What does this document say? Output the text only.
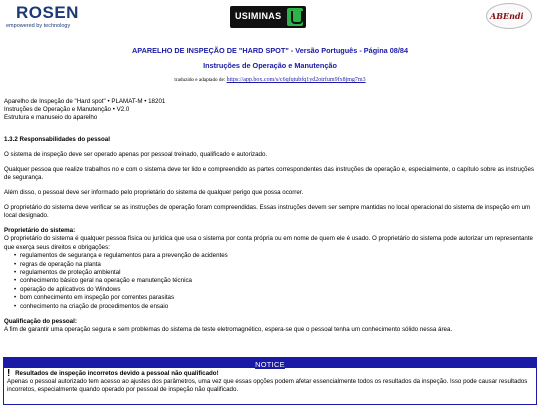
ROSEN
empowered by technology
USIMINAS	ABEndi
APARELHO DE INSPEÇÃO DE "HARD SPOT" - Versão Português - Página 08/84
Instruções de Operação e Manutenção
traduzido e adaptado de: https://app.box.com/s/c6qfqtubfq1yd2otrfum9fx8jmg7m3
Aparelho de Inspeção de "Hard spot" • PLAMAT-M • 18201
Instruções de Operação e Manutenção • V2.0
Estrutura e manuseio do aparelho
1.3.2 Responsabilidades do pessoal
O sistema de inspeção deve ser operado apenas por pessoal treinado, qualificado e autorizado.
Qualquer pessoa que realize trabalhos no e com o sistema deve ter lido e compreendido as partes correspondentes das instruções de operação e, especialmente, o capítulo sobre as instruções de segurança.
Além disso, o pessoal deve ser informado pelo proprietário do sistema de qualquer perigo que possa ocorrer.
O proprietário do sistema deve verificar se as instruções de operação foram compreendidas. Essas instruções devem ser sempre mantidas no local operacional do sistema de inspeção em um local designado.
Proprietário do sistema:
O proprietário do sistema é qualquer pessoa física ou jurídica que usa o sistema por conta própria ou em nome de quem ele é usado. O proprietário do sistema pode autorizar um representante que exerça seus direitos e obrigações:
• regulamentos de segurança e regulamentos para a prevenção de acidentes
• regras de operação na planta
• regulamentos de proteção ambiental
• conhecimento básico geral na operação e manutenção técnica
• operação de aplicativos do Windows
• bom conhecimento em inspeção por correntes parasitas
• conhecimento na criação de procedimentos de ensaio
Qualificação do pessoal:
A fim de garantir uma operação segura e sem problemas do sistema de teste eletromagnético, espera-se que o pessoal tenha um conhecimento sólido nessa área.
NOTICE
! Resultados de inspeção incorretos devido a pessoal não qualificado!
Apenas o pessoal autorizado tem acesso ao ajustes dos parâmetros, uma vez que essas opções podem afetar essencialmente todos os resultados da inspeção. Isso pode causar resultados incorretos, especialmente quando operado por pessoal de inspeção não qualificado.
